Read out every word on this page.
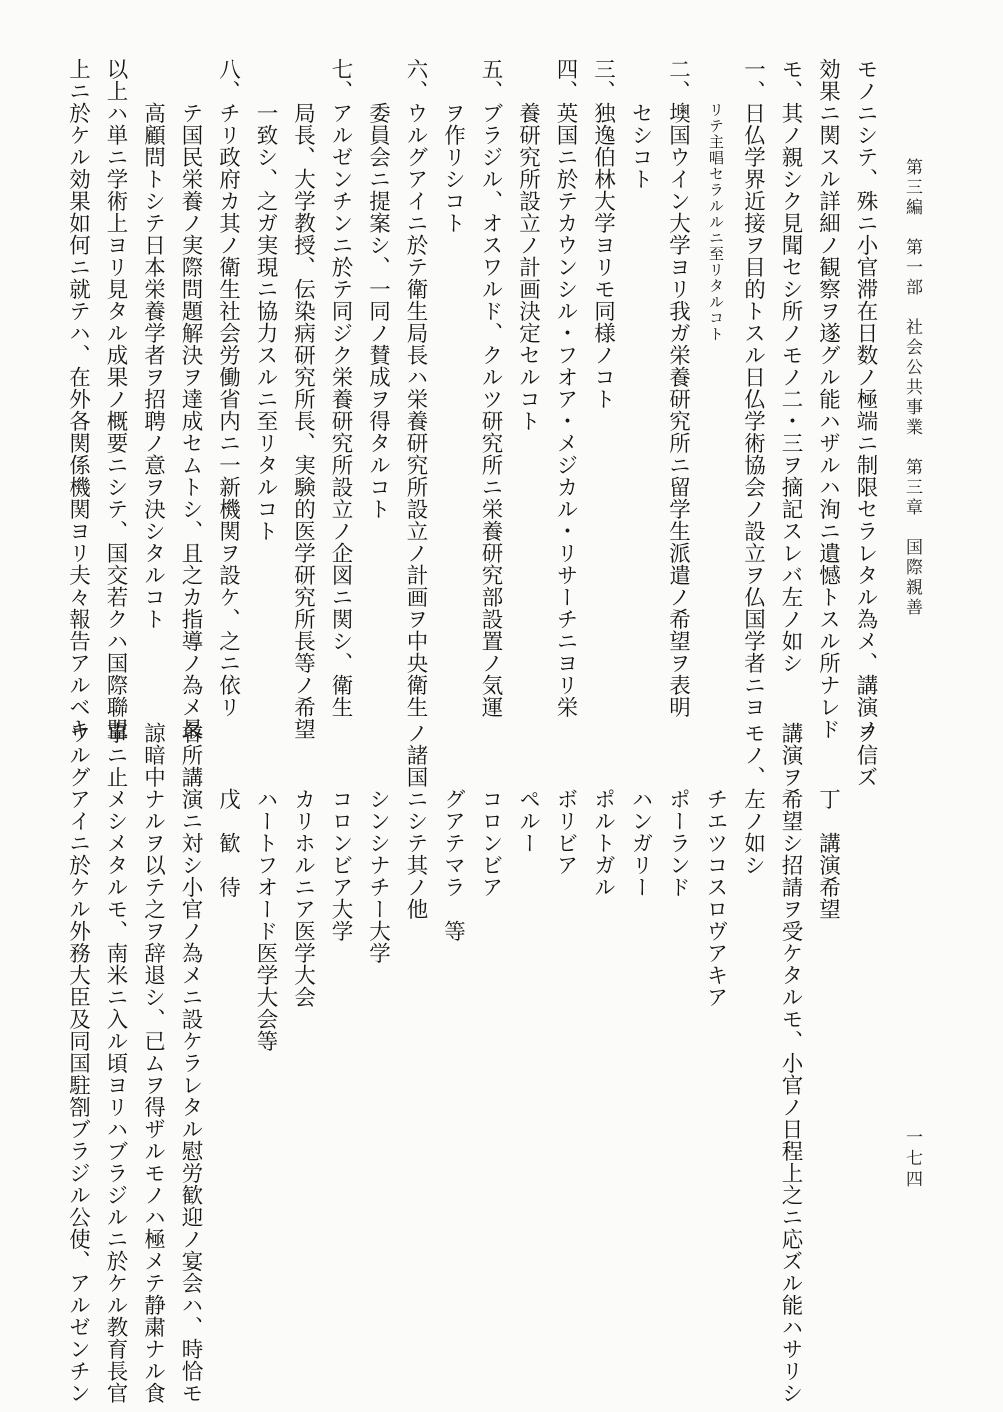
第三編　第一部　社会公共事業　第三章　国際親善
一七四
モノニシテ、殊ニ小官滞在日数ノ極端ニ制限セラレタル為メ、講演ノ
効果ニ関スル詳細ノ観察ヲ遂グル能ハザルハ洵ニ遺憾トスル所ナレド
モ、其ノ親シク見聞セシ所ノモノ二・三ヲ摘記スレバ左ノ如シ
一、日仏学界近接ヲ目的トスル日仏学術協会ノ設立ヲ仏国学者ニヨ
リテ主唱セラルルニ至リタルコト
二、墺国ウイン大学ヨリ我ガ栄養研究所ニ留学生派遣ノ希望ヲ表明
セシコト
三、独逸伯林大学ヨリモ同様ノコト
四、英国ニ於テカウンシル・フオア・メジカル・リサーチニヨリ栄
養研究所設立ノ計画決定セルコト
五、ブラジル、オスワルド、クルツ研究所ニ栄養研究部設置ノ気運
ヲ作リシコト
六、ウルグアイニ於テ衛生局長ハ栄養研究所設立ノ計画ヲ中央衛生
委員会ニ提案シ、一同ノ賛成ヲ得タルコト
七、アルゼンチンニ於テ同ジク栄養研究所設立ノ企図ニ関シ、衛生
局長、大学教授、伝染病研究所長、実験的医学研究所長等ノ希望
一致シ、之ガ実現ニ協力スルニ至リタルコト
八、チリ政府カ其ノ衛生社会労働省内ニ一新機関ヲ設ケ、之ニ依リ
テ国民栄養ノ実際問題解決ヲ達成セムトシ、且之カ指導ノ為メ最
高顧問トシテ日本栄養学者ヲ招聘ノ意ヲ決シタルコト
以上ハ単ニ学術上ヨリ見タル成果ノ概要ニシテ、国交若クハ国際聯盟
上ニ於ケル効果如何ニ就テハ、在外各関係機関ヨリ夫々報告アルベキ
ヲ信ズ
丁　講演希望
講演ヲ希望シ招請ヲ受ケタルモ、小官ノ日程上之ニ応ズル能ハサリシ
モノ、左ノ如シ
チエツコスロヴアキア
ポーランド
ハンガリー
ポルトガル
ボリビア
ペルー
コロンビア
グアテマラ　等
ノ諸国ニシテ其ノ他
シンシナチー大学
コロンビア大学
カリホルニア医学大会
ハートフオード医学大会等
戊　歓　待
各所講演ニ対シ小官ノ為メニ設ケラレタル慰労歓迎ノ宴会ハ、時恰モ
諒暗中ナルヲ以テ之ヲ辞退シ、已ムヲ得ザルモノハ極メテ静粛ナル食
事ニ止メシメタルモ、南米ニ入ル頃ヨリハブラジルニ於ケル教育長官
ウルグアイニ於ケル外務大臣及同国駐劄ブラジル公使、アルゼンチン
